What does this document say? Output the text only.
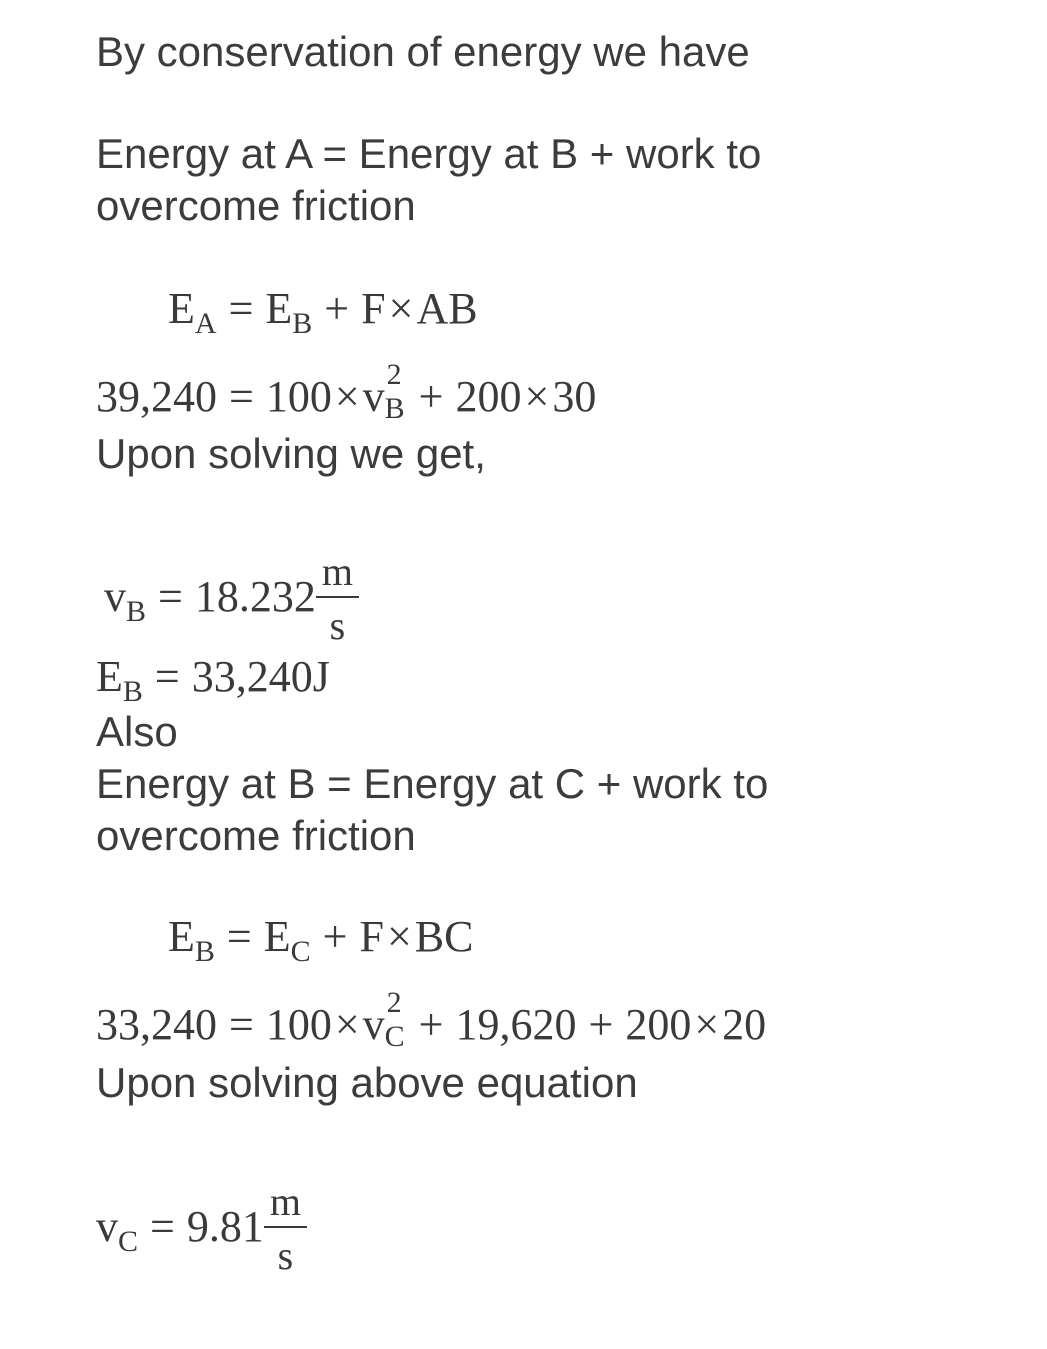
By conservation of energy we have

Energy at A = Energy at B + work to

overcome friction

$E_A = E_B + F\times AB$
39,240 = 100×v 2
B + 200×30

Upon solving we get,

$v_B = 18.232 \frac{m}{s}$
$E_B = 33,240J$

Also

Energy at B = Energy at C + work to

overcome friction

$E_B = E_C + F\times BC$
33,240 = 100×v 2
C + 19,620 + 200×20

Upon solving above equation

$v_C = 9.81 \frac{m}{s}$
